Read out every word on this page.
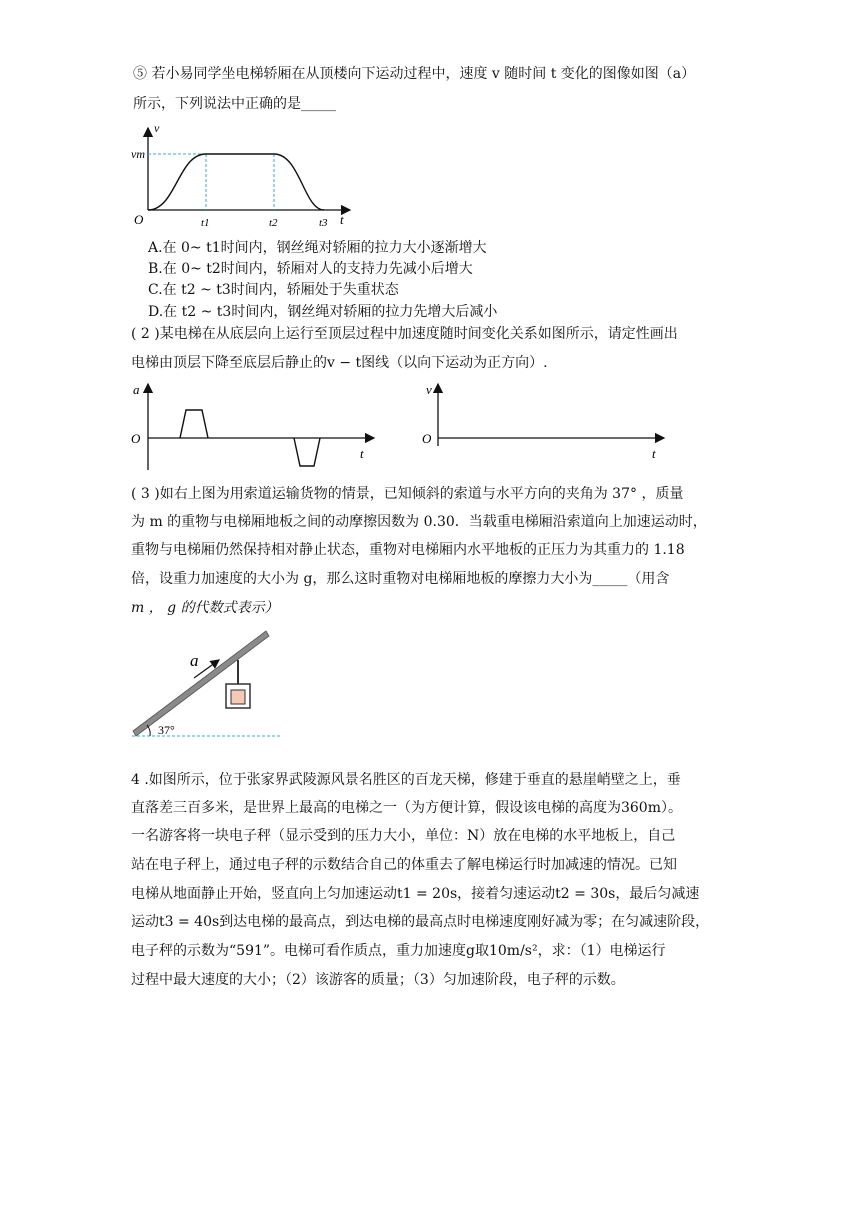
⑤ 若小易同学坐电梯轿厢在从顶楼向下运动过程中，速度 v 随时间 t 变化的图像如图（a）
所示，下列说法中正确的是_____
v
vm
O	t1	t2	t3 t
A.在 0~ t1时间内，钢丝绳对轿厢的拉力大小逐渐增大
B.在 0~ t2时间内，轿厢对人的支持力先减小后增大
C.在 t2 ~ t3时间内，轿厢处于失重状态
D.在 t2 ~ t3时间内，钢丝绳对轿厢的拉力先增大后减小
( 2 )某电梯在从底层向上运行至顶层过程中加速度随时间变化关系如图所示，请定性画出
电梯由顶层下降至底层后静止的v − t图线（以向下运动为正方向）.
a
O
t
v
O
t
( 3 )如右上图为用索道运输货物的情景，已知倾斜的索道与水平方向的夹角为 37° ，质量
为 m 的重物与电梯厢地板之间的动摩擦因数为 0.30．当载重电梯厢沿索道向上加速运动时，
重物与电梯厢仍然保持相对静止状态，重物对电梯厢内水平地板的正压力为其重力的 1.18
倍，设重力加速度的大小为 g，那么这时重物对电梯厢地板的摩擦力大小为_____（用含
m ， g 的代数式表示）
a
37°
4 .如图所示，位于张家界武陵源风景名胜区的百龙天梯，修建于垂直的悬崖峭壁之上，垂
直落差三百多米，是世界上最高的电梯之一（为方便计算，假设该电梯的高度为360m）。
一名游客将一块电子秤（显示受到的压力大小，单位：N）放在电梯的水平地板上，自己
站在电子秤上，通过电子秤的示数结合自己的体重去了解电梯运行时加减速的情况。已知
电梯从地面静止开始，竖直向上匀加速运动t1 = 20s，接着匀速运动t2 = 30s，最后匀减速
运动t3 = 40s到达电梯的最高点，到达电梯的最高点时电梯速度刚好减为零；在匀减速阶段，
电子秤的示数为“591”。电梯可看作质点，重力加速度g取10m/s²，求：（1）电梯运行
过程中最大速度的大小；（2）该游客的质量；（3）匀加速阶段，电子秤的示数。
